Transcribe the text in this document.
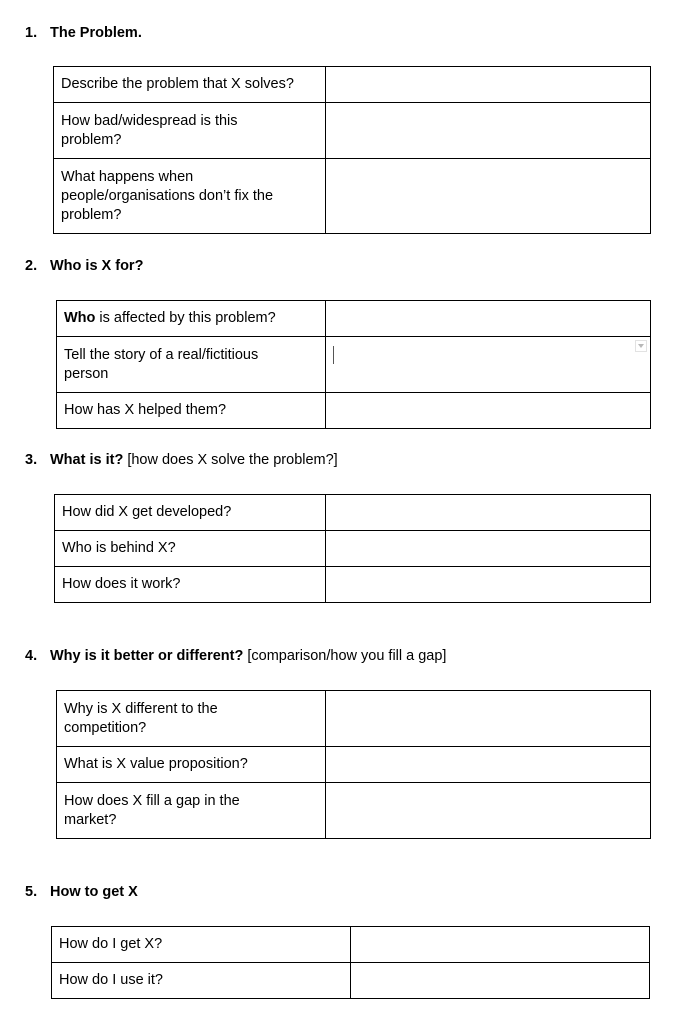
1. The Problem.
Describe the problem that X solves?	

How bad/widespread is this problem?	

What happens when people/organisations don’t fix the problem?	

2. Who is X for?
Who is affected by this problem?	

Tell the story of a real/fictitious person	

How has X helped them?	
3. What is it? [how does X solve the problem?]
How did X get developed?	
Who is behind X?	
How does it work?	
4. Why is it better or different? [comparison/how you fill a gap]
Why is X different to the competition?	

What is X value proposition?	

How does X fill a gap in the market?	

5. How to get X
How do I get X?	
How do I use it?	
